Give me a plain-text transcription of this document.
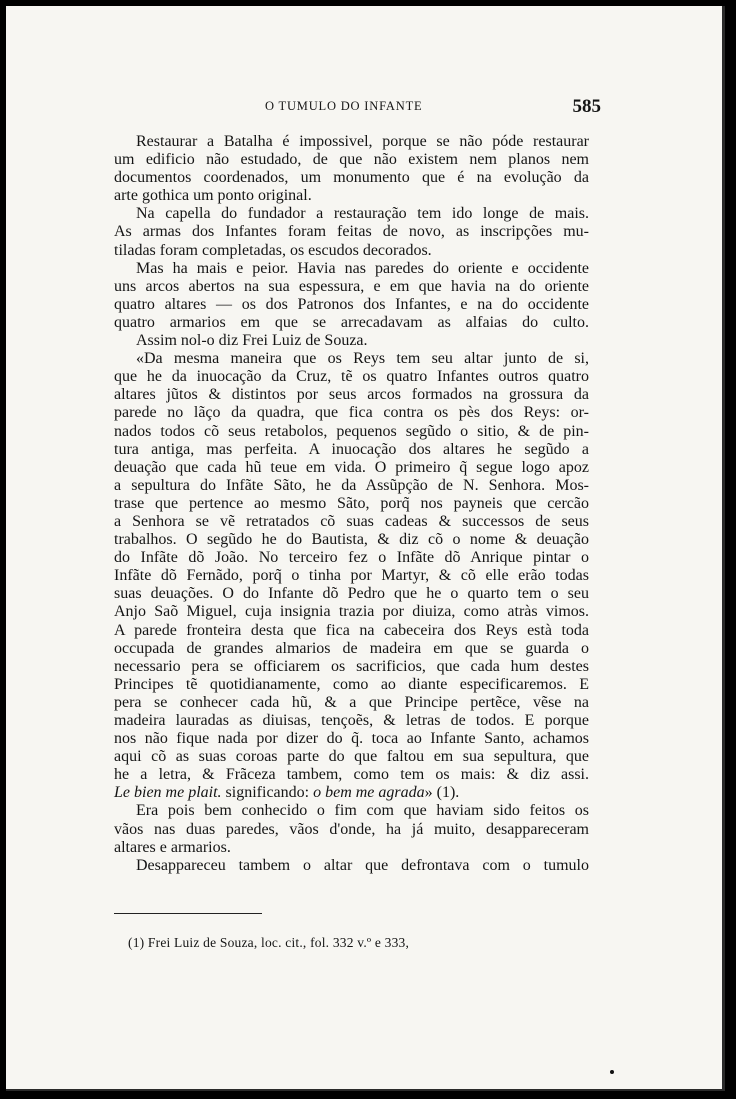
O TUMULO DO INFANTE	585
Restaurar a Batalha é impossivel, porque se não póde restaurar
um edificio não estudado, de que não existem nem planos nem
documentos coordenados, um monumento que é na evolução da
arte gothica um ponto original.
Na capella do fundador a restauração tem ido longe de mais.
As armas dos Infantes foram feitas de novo, as inscripções mu-
tiladas foram completadas, os escudos decorados.
Mas ha mais e peior. Havia nas paredes do oriente e occidente
uns arcos abertos na sua espessura, e em que havia na do oriente
quatro altares — os dos Patronos dos Infantes, e na do occidente
quatro armarios em que se arrecadavam as alfaias do culto.
Assim nol-o diz Frei Luiz de Souza.
«Da mesma maneira que os Reys tem seu altar junto de si,
que he da inuocação da Cruz, tẽ os quatro Infantes outros quatro
altares jũtos & distintos por seus arcos formados na grossura da
parede no lãço da quadra, que fica contra os pès dos Reys: or-
nados todos cõ seus retabolos, pequenos segũdo o sitio, & de pin-
tura antiga, mas perfeita. A inuocação dos altares he segũdo a
deuação que cada hũ teue em vida. O primeiro q̃ segue logo apoz
a sepultura do Infãte Sãto, he da Assũpção de N. Senhora. Mos-
trase que pertence ao mesmo Sãto, porq̃ nos payneis que cercão
a Senhora se vẽ retratados cõ suas cadeas & successos de seus
trabalhos. O segũdo he do Bautista, & diz cõ o nome & deuação
do Infãte dõ João. No terceiro fez o Infãte dõ Anrique pintar o
Infãte dõ Fernãdo, porq̃ o tinha por Martyr, & cõ elle erão todas
suas deuações. O do Infante dõ Pedro que he o quarto tem o seu
Anjo Saõ Miguel, cuja insignia trazia por diuiza, como atràs vimos.
A parede fronteira desta que fica na cabeceira dos Reys està toda
occupada de grandes almarios de madeira em que se guarda o
necessario pera se officiarem os sacrificios, que cada hum destes
Principes tẽ quotidianamente, como ao diante especificaremos. E
pera se conhecer cada hũ, & a que Principe pertẽce, vẽse na
madeira lauradas as diuisas, tençoẽs, & letras de todos. E porque
nos não fique nada por dizer do q̃. toca ao Infante Santo, achamos
aqui cõ as suas coroas parte do que faltou em sua sepultura, que
he a letra, & Frãceza tambem, como tem os mais: & diz assi.
Le bien me plait. significando: o bem me agrada» (1).
Era pois bem conhecido o fim com que haviam sido feitos os
vãos nas duas paredes, vãos d'onde, ha já muito, desappareceram
altares e armarios.
Desappareceu tambem o altar que defrontava com o tumulo
(1) Frei Luiz de Souza, loc. cit., fol. 332 v.º e 333,
